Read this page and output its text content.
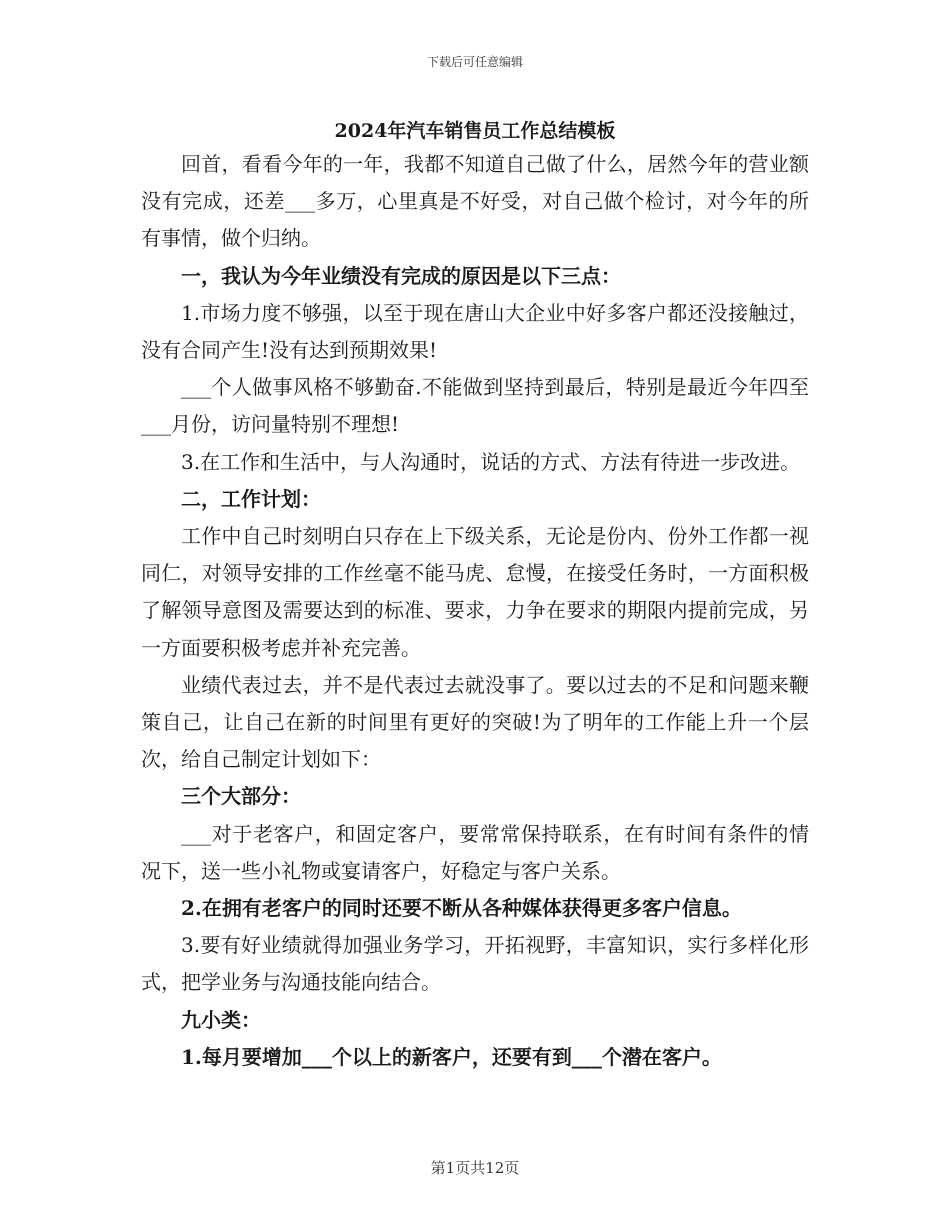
下载后可任意编辑
2024年汽车销售员工作总结模板

回首，看看今年的一年，我都不知道自己做了什么，居然今年的营业额没有完成，还差___多万，心里真是不好受，对自己做个检讨，对今年的所有事情，做个归纳。

一，我认为今年业绩没有完成的原因是以下三点：

1.市场力度不够强，以至于现在唐山大企业中好多客户都还没接触过，没有合同产生!没有达到预期效果!

___个人做事风格不够勤奋.不能做到坚持到最后，特别是最近今年四至___月份，访问量特别不理想!

3.在工作和生活中，与人沟通时，说话的方式、方法有待进一步改进。

二，工作计划：

工作中自己时刻明白只存在上下级关系，无论是份内、份外工作都一视同仁，对领导安排的工作丝毫不能马虎、怠慢，在接受任务时，一方面积极了解领导意图及需要达到的标准、要求，力争在要求的期限内提前完成，另一方面要积极考虑并补充完善。

业绩代表过去，并不是代表过去就没事了。要以过去的不足和问题来鞭策自己，让自己在新的时间里有更好的突破!为了明年的工作能上升一个层次，给自己制定计划如下：

三个大部分：

___对于老客户，和固定客户，要常常保持联系，在有时间有条件的情况下，送一些小礼物或宴请客户，好稳定与客户关系。

2.在拥有老客户的同时还要不断从各种媒体获得更多客户信息。

3.要有好业绩就得加强业务学习，开拓视野，丰富知识，实行多样化形式，把学业务与沟通技能向结合。

九小类：

1.每月要增加___个以上的新客户，还要有到___个潜在客户。

第1页共12页
